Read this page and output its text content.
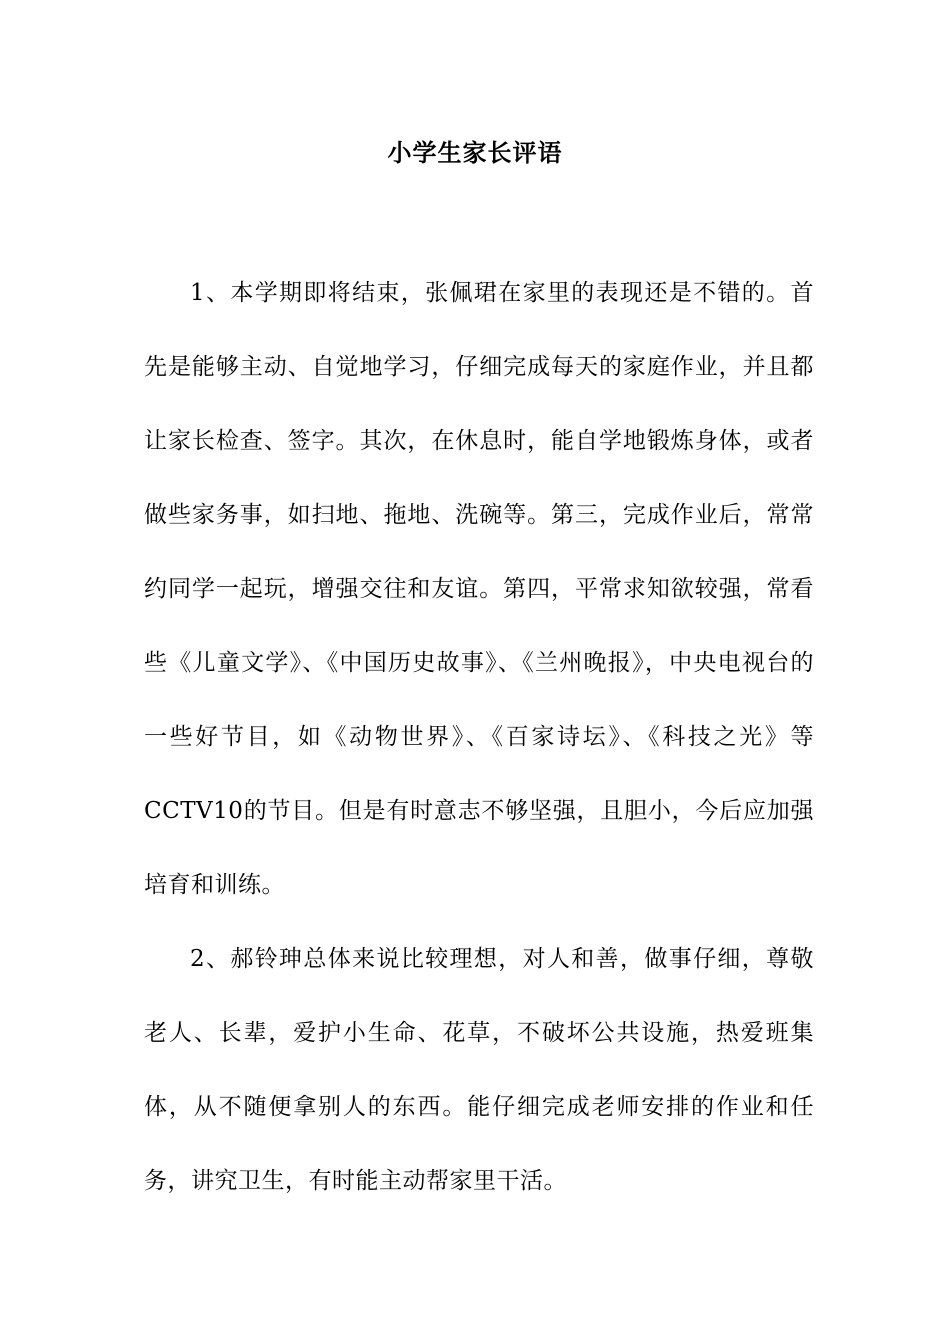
小学生家长评语

1、本学期即将结束，张佩珺在家里的表现还是不错的。首先是能够主动、自觉地学习，仔细完成每天的家庭作业，并且都让家长检查、签字。其次，在休息时，能自学地锻炼身体，或者做些家务事，如扫地、拖地、洗碗等。第三，完成作业后，常常约同学一起玩，增强交往和友谊。第四，平常求知欲较强，常看些《儿童文学》、《中国历史故事》、《兰州晚报》，中央电视台的一些好节目，如《动物世界》、《百家诗坛》、《科技之光》等CCTV10的节目。但是有时意志不够坚强，且胆小，今后应加强培育和训练。

2、郝铃珅总体来说比较理想，对人和善，做事仔细，尊敬老人、长辈，爱护小生命、花草，不破坏公共设施，热爱班集体，从不随便拿别人的东西。能仔细完成老师安排的作业和任务，讲究卫生，有时能主动帮家里干活。
